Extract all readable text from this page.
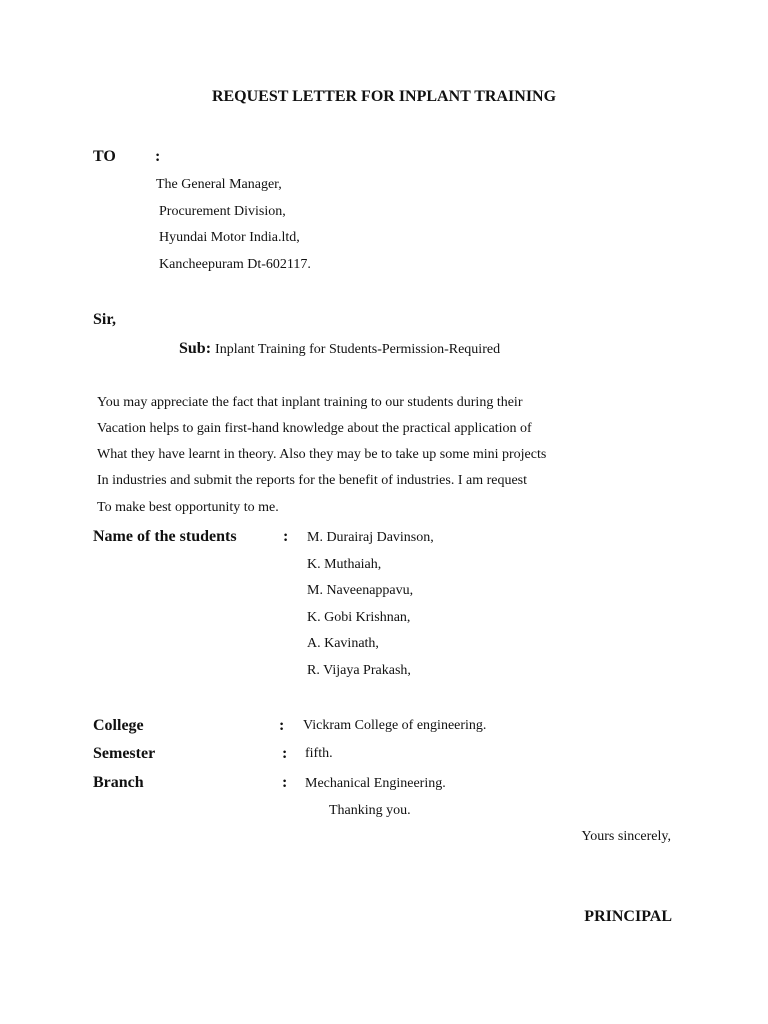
REQUEST LETTER FOR INPLANT TRAINING
TO :
The General Manager,
Procurement Division,
Hyundai Motor India.ltd,
Kancheepuram Dt-602117.
Sir,
Sub: Inplant Training for Students-Permission-Required
You may appreciate the fact that inplant training to our students during their
Vacation helps to gain first-hand knowledge about the practical application of
What they have learnt in theory. Also they may be to take up some mini projects
In industries and submit the reports for the benefit of industries. I am request
To make best opportunity to me.
Name of the students	: M. Durairaj Davinson,
K. Muthaiah,
M. Naveenappavu,
K. Gobi Krishnan,
A. Kavinath,
R. Vijaya Prakash,
College	: Vickram College of engineering.
Semester	: fifth.
Branch	: Mechanical Engineering.
Thanking you.
Yours sincerely,
PRINCIPAL
